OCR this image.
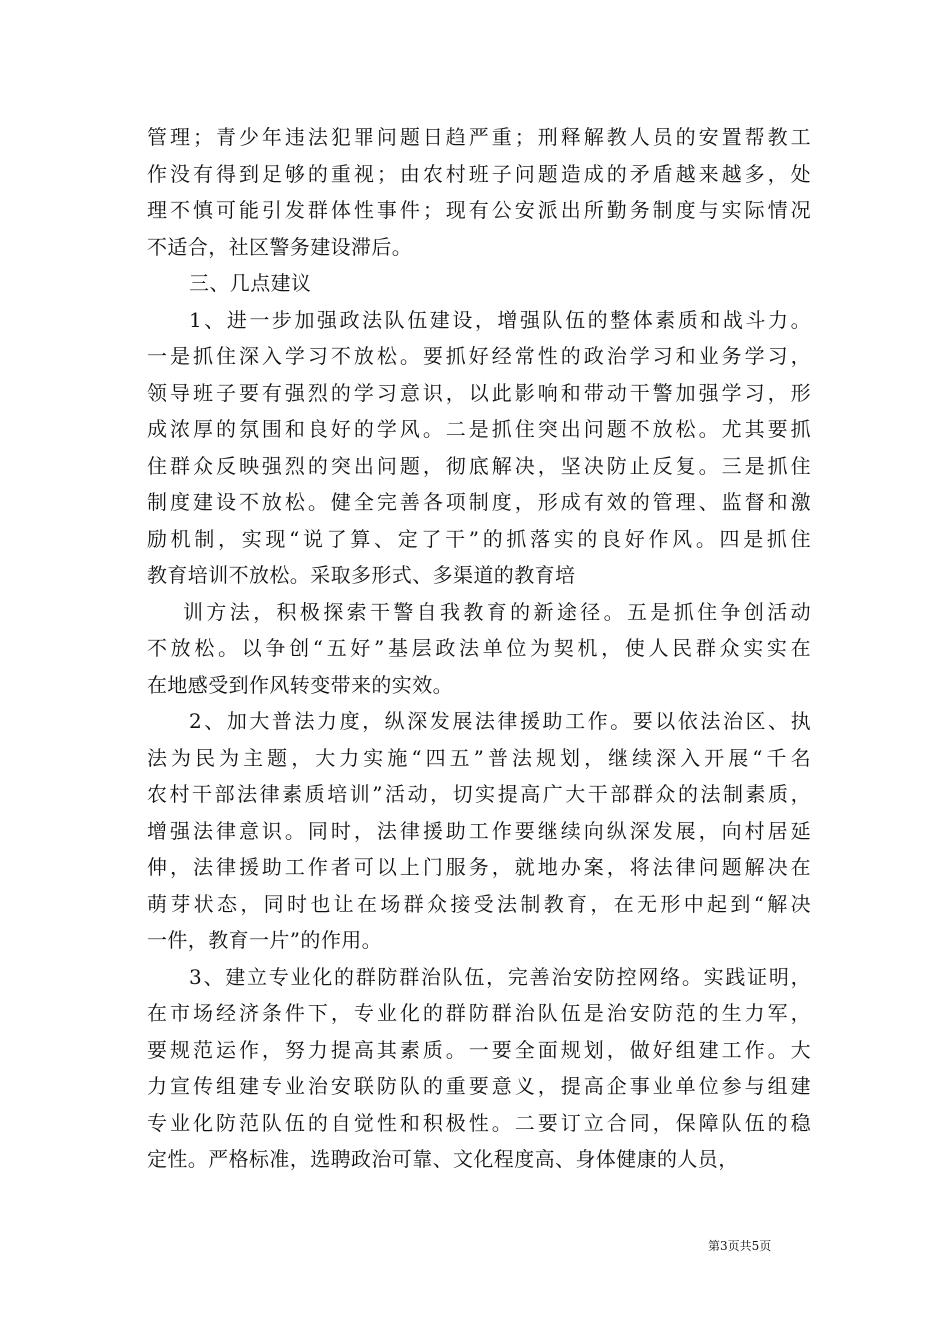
管理；青少年违法犯罪问题日趋严重；刑释解教人员的安置帮教工
作没有得到足够的重视；由农村班子问题造成的矛盾越来越多，处
理不慎可能引发群体性事件；现有公安派出所勤务制度与实际情况
不适合，社区警务建设滞后。
三、几点建议
1、进一步加强政法队伍建设，增强队伍的整体素质和战斗力。
一是抓住深入学习不放松。要抓好经常性的政治学习和业务学习，
领导班子要有强烈的学习意识，以此影响和带动干警加强学习，形
成浓厚的氛围和良好的学风。二是抓住突出问题不放松。尤其要抓
住群众反映强烈的突出问题，彻底解决，坚决防止反复。三是抓住
制度建设不放松。健全完善各项制度，形成有效的管理、监督和激
励机制，实现“说了算、定了干”的抓落实的良好作风。四是抓住
教育培训不放松。采取多形式、多渠道的教育培
训方法，积极探索干警自我教育的新途径。五是抓住争创活动
不放松。以争创“五好”基层政法单位为契机，使人民群众实实在
在地感受到作风转变带来的实效。
2、加大普法力度，纵深发展法律援助工作。要以依法治区、执
法为民为主题，大力实施“四五”普法规划，继续深入开展“千名
农村干部法律素质培训”活动，切实提高广大干部群众的法制素质，
增强法律意识。同时，法律援助工作要继续向纵深发展，向村居延
伸，法律援助工作者可以上门服务，就地办案，将法律问题解决在
萌芽状态，同时也让在场群众接受法制教育，在无形中起到“解决
一件，教育一片”的作用。
3、建立专业化的群防群治队伍，完善治安防控网络。实践证明，
在市场经济条件下，专业化的群防群治队伍是治安防范的生力军，
要规范运作，努力提高其素质。一要全面规划，做好组建工作。大
力宣传组建专业治安联防队的重要意义，提高企事业单位参与组建
专业化防范队伍的自觉性和积极性。二要订立合同，保障队伍的稳
定性。严格标准，选聘政治可靠、文化程度高、身体健康的人员，
第3页共5页
